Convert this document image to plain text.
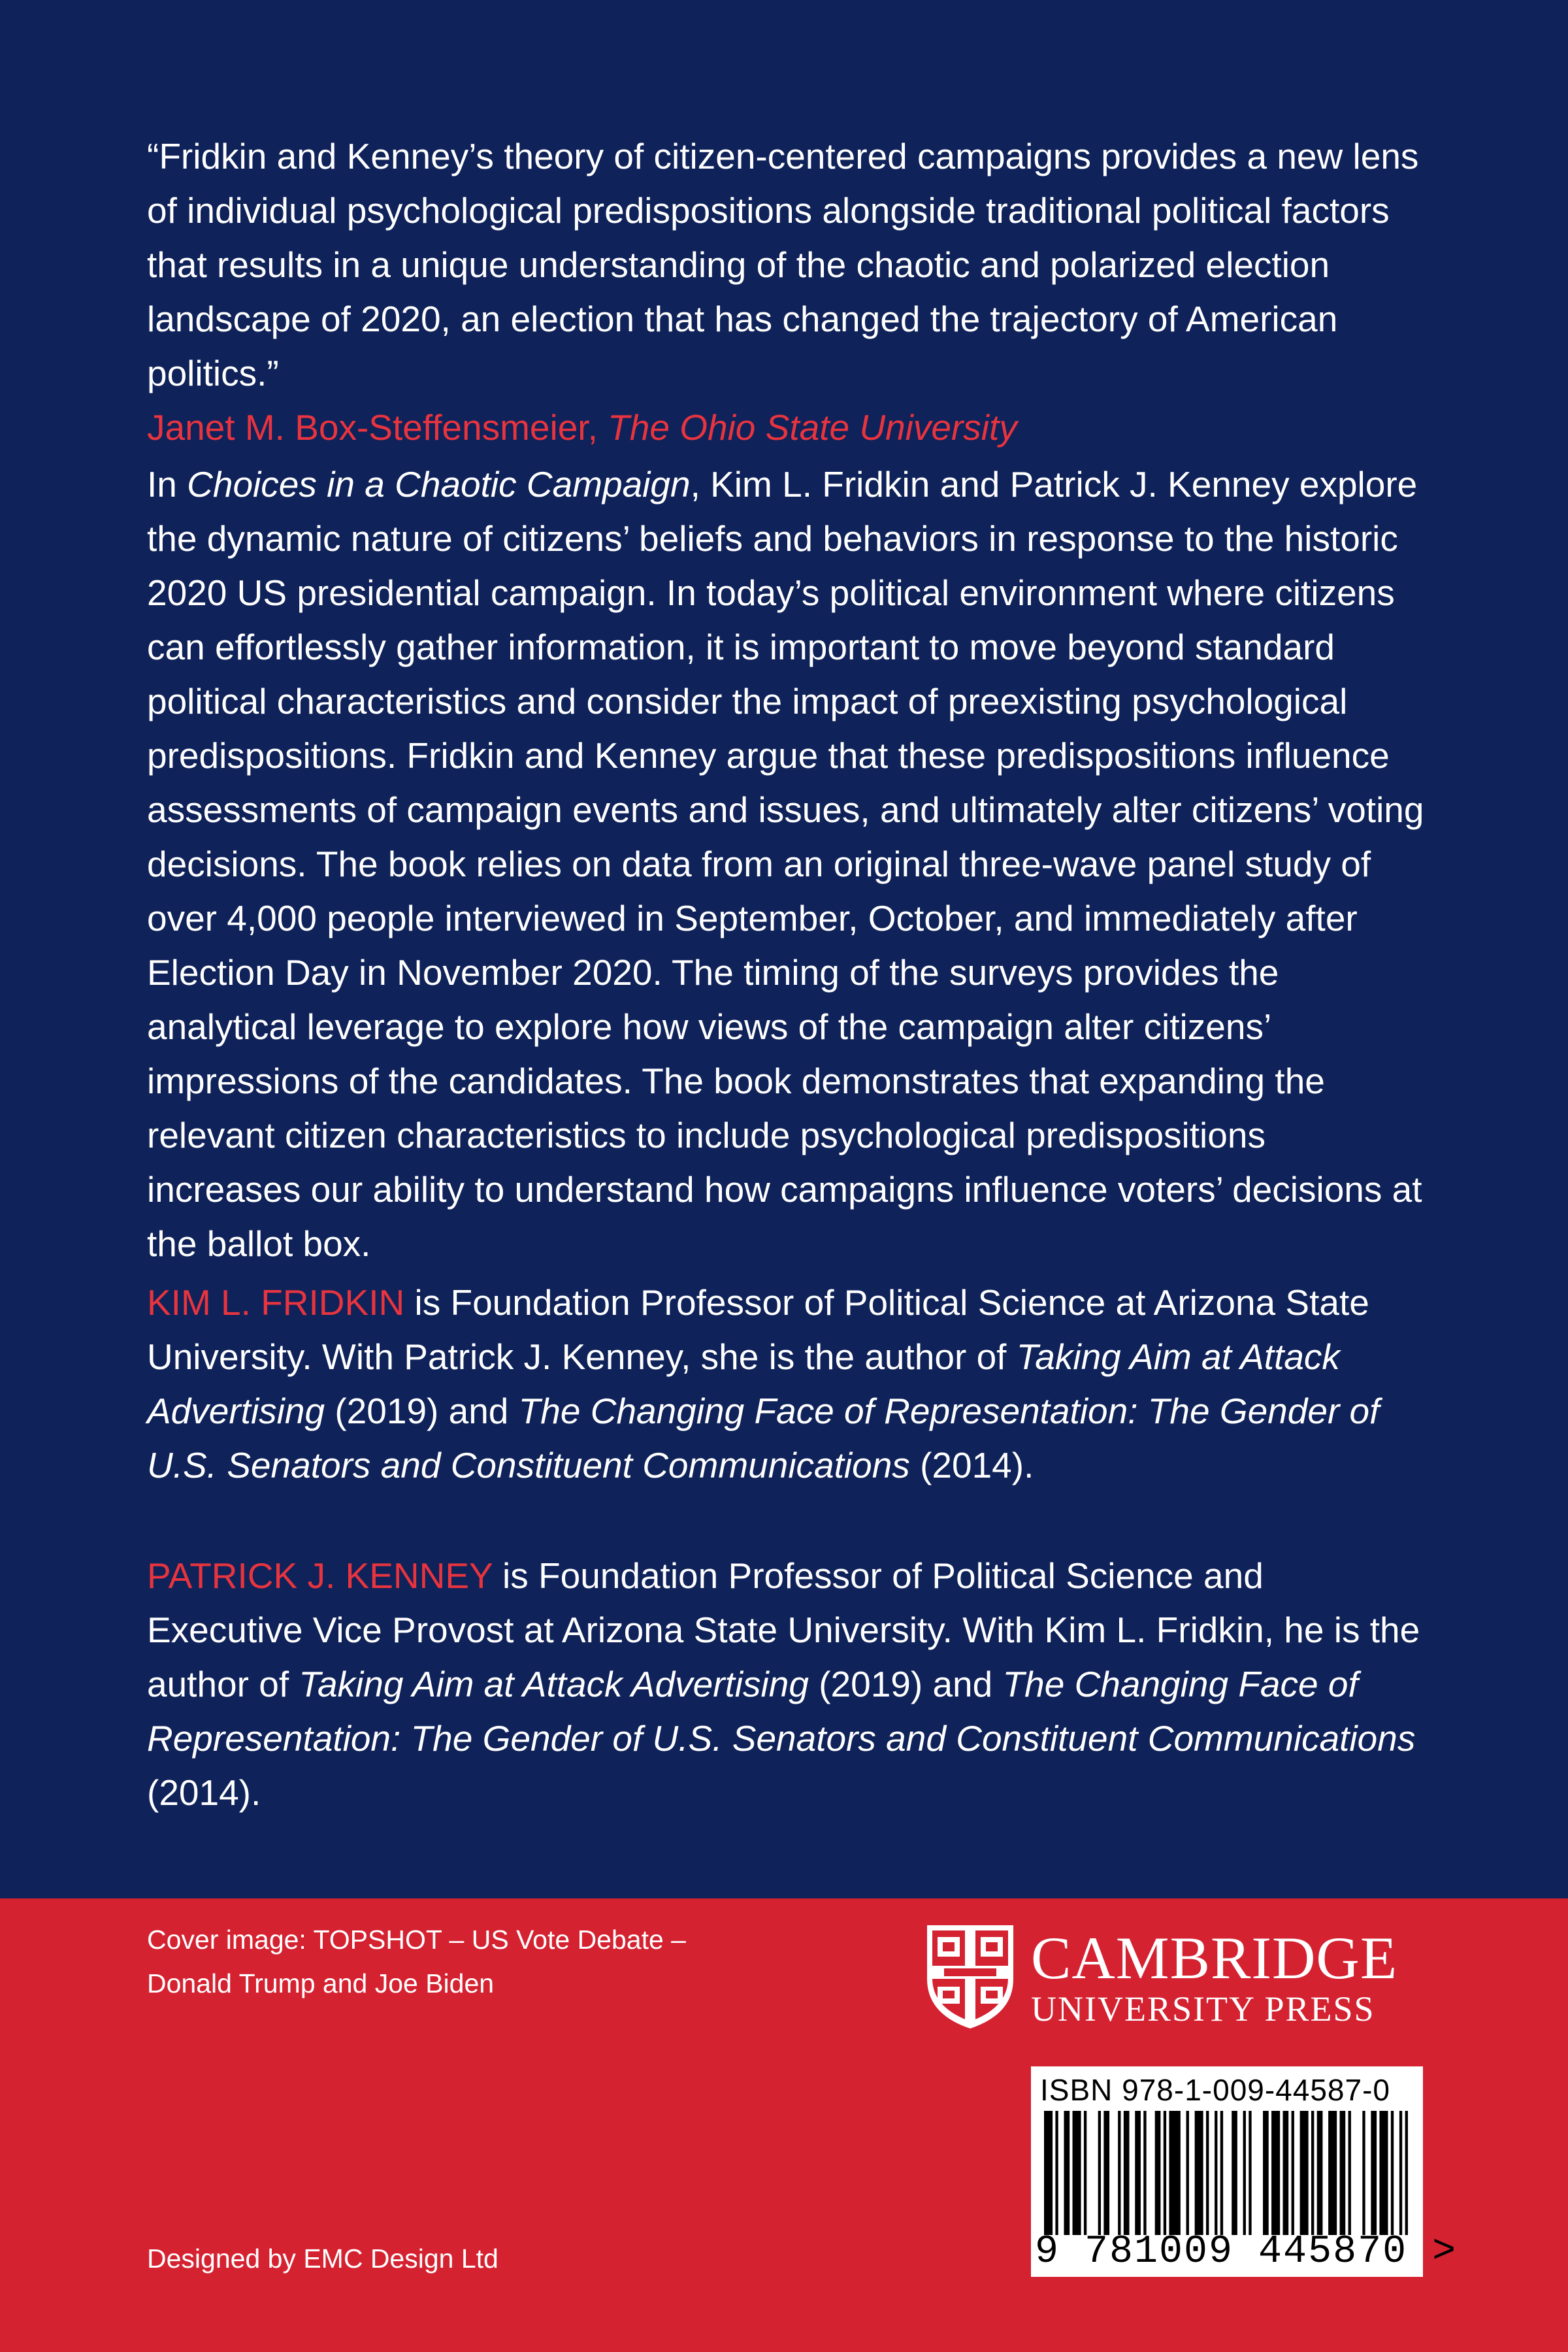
“Fridkin and Kenney’s theory of citizen-centered campaigns provides a new lens of individual psychological predispositions alongside traditional political factors that results in a unique understanding of the chaotic and polarized election landscape of 2020, an election that has changed the trajectory of American politics.”
Janet M. Box-Steffensmeier, The Ohio State University
In Choices in a Chaotic Campaign, Kim L. Fridkin and Patrick J. Kenney explore the dynamic nature of citizens’ beliefs and behaviors in response to the historic 2020 US presidential campaign. In today’s political environment where citizens can effortlessly gather information, it is important to move beyond standard political characteristics and consider the impact of preexisting psychological predispositions. Fridkin and Kenney argue that these predispositions influence assessments of campaign events and issues, and ultimately alter citizens’ voting decisions. The book relies on data from an original three-wave panel study of over 4,000 people interviewed in September, October, and immediately after Election Day in November 2020. The timing of the surveys provides the analytical leverage to explore how views of the campaign alter citizens’ impressions of the candidates. The book demonstrates that expanding the relevant citizen characteristics to include psychological predispositions increases our ability to understand how campaigns influence voters’ decisions at the ballot box.
KIM L. FRIDKIN is Foundation Professor of Political Science at Arizona State University. With Patrick J. Kenney, she is the author of Taking Aim at Attack Advertising (2019) and The Changing Face of Representation: The Gender of U.S. Senators and Constituent Communications (2014).
PATRICK J. KENNEY is Foundation Professor of Political Science and Executive Vice Provost at Arizona State University. With Kim L. Fridkin, he is the author of Taking Aim at Attack Advertising (2019) and The Changing Face of Representation: The Gender of U.S. Senators and Constituent Communications (2014).
Cover image: TOPSHOT – US Vote Debate –
Donald Trump and Joe Biden	CAMBRIDGE
UNIVERSITY PRESS
ISBN 978-1-009-44587-0
9 781009 445870 >
Designed by EMC Design Ltd
